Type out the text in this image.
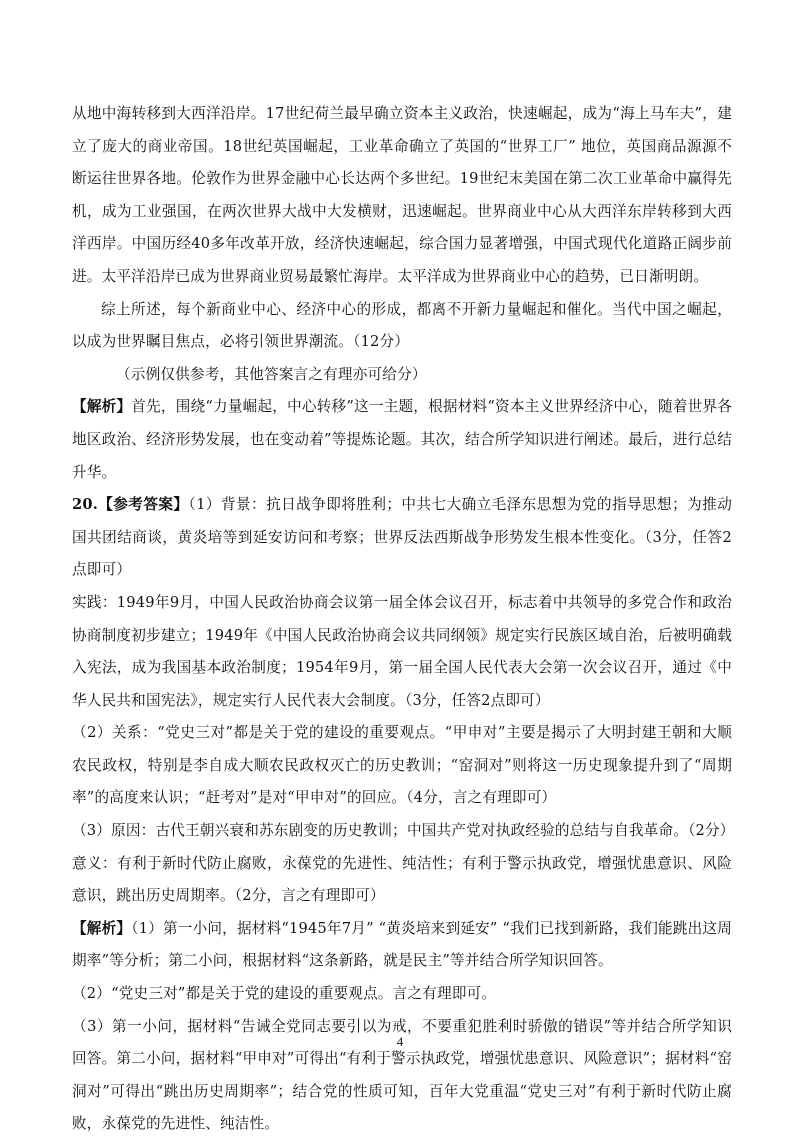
从地中海转移到大西洋沿岸。17世纪荷兰最早确立资本主义政治，快速崛起，成为“海上马车夫”，建立了庞大的商业帝国。18世纪英国崛起，工业革命确立了英国的“世界工厂” 地位，英国商品源源不断运往世界各地。伦敦作为世界金融中心长达两个多世纪。19世纪末美国在第二次工业革命中赢得先机，成为工业强国，在两次世界大战中大发横财，迅速崛起。世界商业中心从大西洋东岸转移到大西洋西岸。中国历经40多年改革开放，经济快速崛起，综合国力显著增强，中国式现代化道路正阔步前进。太平洋沿岸已成为世界商业贸易最繁忙海岸。太平洋成为世界商业中心的趋势，已日渐明朗。

综上所述，每个新商业中心、经济中心的形成，都离不开新力量崛起和催化。当代中国之崛起，以成为世界瞩目焦点，必将引领世界潮流。（12分）

（示例仅供参考，其他答案言之有理亦可给分）

【解析】首先，围绕“力量崛起，中心转移”这一主题，根据材料“资本主义世界经济中心，随着世界各地区政治、经济形势发展，也在变动着”等提炼论题。其次，结合所学知识进行阐述。最后，进行总结升华。

20.【参考答案】（1）背景：抗日战争即将胜利；中共七大确立毛泽东思想为党的指导思想；为推动国共团结商谈，黄炎培等到延安访问和考察；世界反法西斯战争形势发生根本性变化。（3分，任答2点即可）

实践：1949年9月，中国人民政治协商会议第一届全体会议召开，标志着中共领导的多党合作和政治协商制度初步建立；1949年《中国人民政治协商会议共同纲领》规定实行民族区域自治，后被明确载入宪法，成为我国基本政治制度；1954年9月，第一届全国人民代表大会第一次会议召开，通过《中华人民共和国宪法》，规定实行人民代表大会制度。（3分，任答2点即可）

（2）关系：“党史三对”都是关于党的建设的重要观点。“甲申对”主要是揭示了大明封建王朝和大顺农民政权，特别是李自成大顺农民政权灭亡的历史教训；“窑洞对”则将这一历史现象提升到了“周期率”的高度来认识；“赶考对”是对“甲申对”的回应。（4分，言之有理即可）

（3）原因：古代王朝兴衰和苏东剧变的历史教训；中国共产党对执政经验的总结与自我革命。（2分）

意义：有利于新时代防止腐败，永葆党的先进性、纯洁性；有利于警示执政党，增强忧患意识、风险意识，跳出历史周期率。（2分，言之有理即可）

【解析】（1）第一小问，据材料“1945年7月” “黄炎培来到延安” “我们已找到新路，我们能跳出这周期率”等分析；第二小问，根据材料“这条新路，就是民主”等并结合所学知识回答。

（2）“党史三对”都是关于党的建设的重要观点。言之有理即可。

（3）第一小问，据材料“告诫全党同志要引以为戒，不要重犯胜利时骄傲的错误”等并结合所学知识回答。第二小问，据材料“甲申对”可得出“有利于警示执政党，增强忧患意识、风险意识”；据材料“窑洞对”可得出“跳出历史周期率”；结合党的性质可知，百年大党重温“党史三对”有利于新时代防止腐败，永葆党的先进性、纯洁性。

4
